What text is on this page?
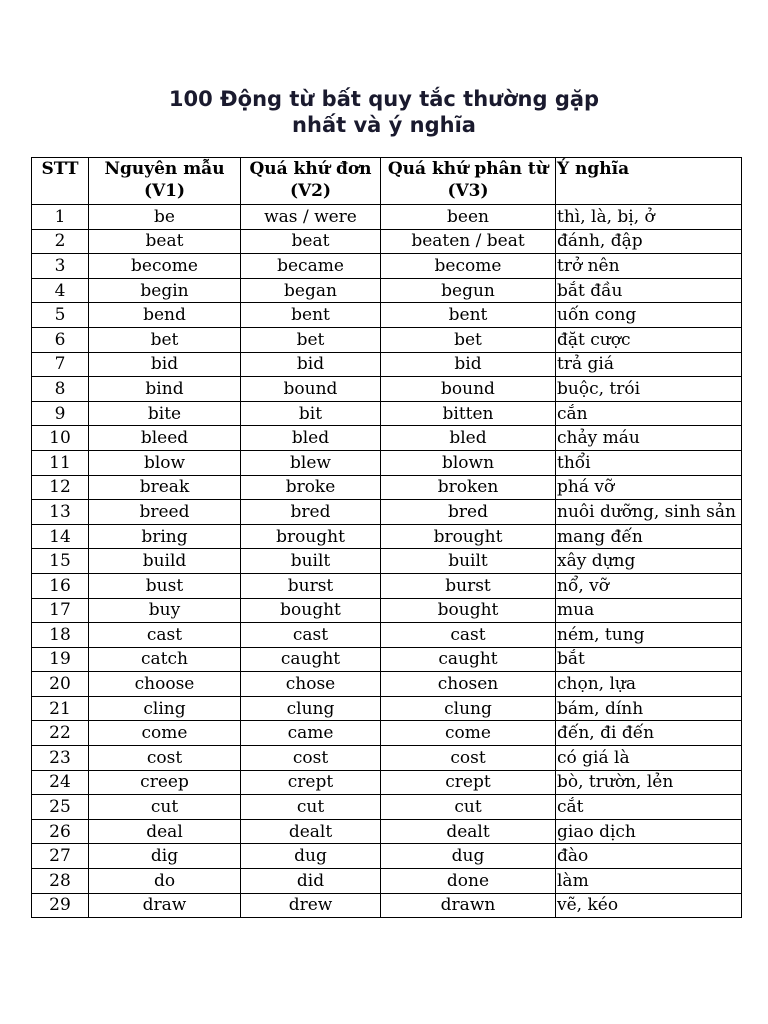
100 Động từ bất quy tắc thường gặp
nhất và ý nghĩa
STT	Nguyên mẫu (V1)	Quá khứ đơn (V2)	Quá khứ phân từ (V3)	Ý nghĩa
1	be	was / were	been	thì, là, bị, ở
2	beat	beat	beaten / beat	đánh, đập
3	become	became	become	trở nên
4	begin	began	begun	bắt đầu
5	bend	bent	bent	uốn cong
6	bet	bet	bet	đặt cược
7	bid	bid	bid	trả giá
8	bind	bound	bound	buộc, trói
9	bite	bit	bitten	cắn
10	bleed	bled	bled	chảy máu
11	blow	blew	blown	thổi
12	break	broke	broken	phá vỡ
13	breed	bred	bred	nuôi dưỡng, sinh sản
14	bring	brought	brought	mang đến
15	build	built	built	xây dựng
16	bust	burst	burst	nổ, vỡ
17	buy	bought	bought	mua
18	cast	cast	cast	ném, tung
19	catch	caught	caught	bắt
20	choose	chose	chosen	chọn, lựa
21	cling	clung	clung	bám, dính
22	come	came	come	đến, đi đến
23	cost	cost	cost	có giá là
24	creep	crept	crept	bò, trườn, lẻn
25	cut	cut	cut	cắt
26	deal	dealt	dealt	giao dịch
27	dig	dug	dug	đào
28	do	did	done	làm
29	draw	drew	drawn	vẽ, kéo
